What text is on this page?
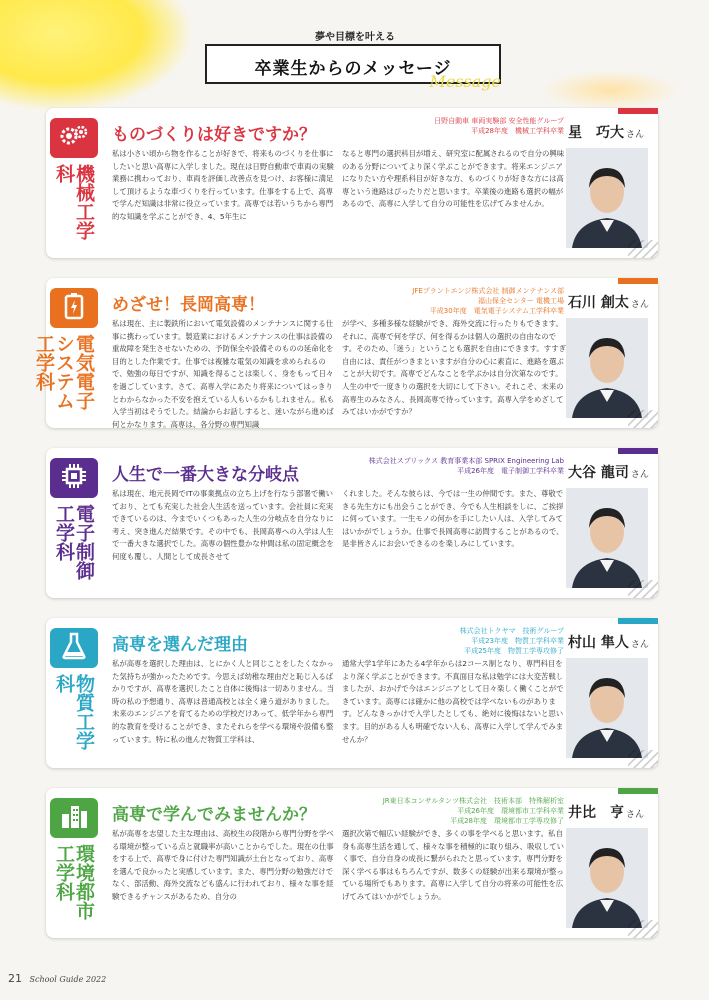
夢や目標を叶える
卒業生からのメッセージ
Message
機械工学科
ものづくりは好きですか？
日野自動車 車両実験部 安全性能グループ
平成28年度　機械工学科卒業 星　巧大 さん
私は小さい頃から物を作ることが好きで、将来ものづくりを仕事にしたいと思い高専に入学しました。現在は日野自動車で車両の実験業務に携わっており、車両を評価し改善点を見つけ、お客様に満足して頂けるような車づくりを行っています。仕事をする上で、高専で学んだ知識は非常に役立っています。高専では若いうちから専門的な知識を学ぶことができ、4、5年生に
なると専門の選択科目が増え、研究室に配属されるので自分の興味のある分野についてより深く学ぶことができます。将来エンジニアになりたい方や理系科目が好きな方、ものづくりが好きな方には高専という進路はぴったりだと思います。卒業後の進路も選択の幅があるので、高専に入学して自分の可能性を広げてみませんか。
電気電子システム工学科
めざせ！長岡高専！
JFEプラントエンジ株式会社 制御メンテナンス部
福山保全センター 電機工場
平成30年度　電気電子システム工学科卒業 石川 創太 さん
私は現在、主に製鉄所において電気設備のメンテナンスに関する仕事に携わっています。製造業におけるメンテナンスの仕事は設備の重故障を発生させないための、予防保全や設備そのものの延命化を目的とした作業です。仕事では複雑な電気の知識を求められるので、勉強の毎日ですが、知識を得ることは楽しく、身をもって日々を過ごしています。さて、高専入学にあたり将来についてはっきりとわからなかった不安を抱えている人もいるかもしれません。私も入学当初はそうでした。結論からお話しすると、迷いながら進めば何とかなります。高専は、各分野の専門知識
が学べ、多種多様な経験ができ、海外交流に行ったりもできます。それに、高専で何を学び、何を得るかは個人の選択の自由なのです。そのため、「迷う」ということも選択を自由にできます。すすぎ自由には、責任がつきまといますが自分の心に素直に、進路を選ぶことが大切です。高専でどんなことを学ぶかは自分次第なのです。人生の中で一度きりの選択を大切にして下さい。それこそ、未来の高専生のみなさん、長岡高専で待っています。高専入学をめざしてみてはいかがですか？
電子制御工学科
人生で一番大きな分岐点
株式会社スプリックス 教育事業本部 SPRIX Engineering Lab
平成26年度　電子制御工学科卒業 大谷 龍司 さん
私は現在、地元長岡でITの事業拠点の立ち上げを行なう部署で働いており、とても充実した社会人生活を送っています。会社員に充実できているのは、今までいくつもあった人生の分岐点を自分なりに考え、突き進んだ結果です。その中でも、長岡高専への入学は人生で一番大きな選択でした。高専の個性豊かな仲間は私の固定概念を何度も覆し、人間として成長させて
くれました。そんな彼らは、今では一生の仲間です。また、尊敬できる先生方にも出会うことができ、今でも人生相談をしに、ご挨拶に伺っています。一生モノの何かを手にしたい人は、入学してみてはいかがでしょうか。仕事で長岡高専に訪問することがあるので、是非皆さんにお会いできるのを楽しみにしています。
物質工学科
高専を選んだ理由
株式会社トクヤマ　技術グループ
平成23年度　物質工学科卒業
平成25年度　物質工学専攻修了 村山 隼人 さん
私が高専を選択した理由は、とにかく人と同じことをしたくなかった気持ちが強かったためです。今思えば幼稚な理由だと恥じ入るばかりですが、高専を選択したこと自体に後悔は一切ありません。当時の私の予想通り、高専は普通高校とは全く違う道がありました。未来のエンジニアを育てるための学校だけあって、低学年から専門的な教育を受けることができ、またそれらを学べる環境や設備も整っています。特に私の進んだ物質工学科は、
通常大学1学年にあたる4学年からは2コース制となり、専門科目をより深く学ぶことができます。不真面目な私は勉学には大変苦戦しましたが、おかげで今はエンジニアとして日々楽しく働くことができています。高専には確かに他の高校では学べないものがあります。どんなきっかけで入学したとしても、絶対に後悔はないと思います。目的がある人も明確でない人も、高専に入学して学んでみませんか？
環境都市工学科
高専で学んでみませんか？
JR東日本コンサルタンツ株式会社　技術本部　特殊解析室
平成26年度　環境都市工学科卒業
平成28年度　環境都市工学専攻修了 井比　亨 さん
私が高専を志望した主な理由は、高校生の段階から専門分野を学べる環境が整っている点と就職率が高いことからでした。現在の仕事をする上で、高専で身に付けた専門知識が土台となっており、高専を選んで良かったと実感しています。また、専門分野の勉強だけでなく、部活動、海外交流なども盛んに行われており、様々な事を経験できるチャンスがあるため、自分の
選択次第で幅広い経験ができ、多くの事を学べると思います。私自身も高専生活を通して、様々な事を積極的に取り組み、吸収していく事で、自分自身の成長に繋がられたと思っています。専門分野を深く学べる事はもちろんですが、数多くの経験が出来る環境が整っている場所でもあります。高専に入学して自分の将来の可能性を広げてみてはいかがでしょうか。
21 School Guide 2022
